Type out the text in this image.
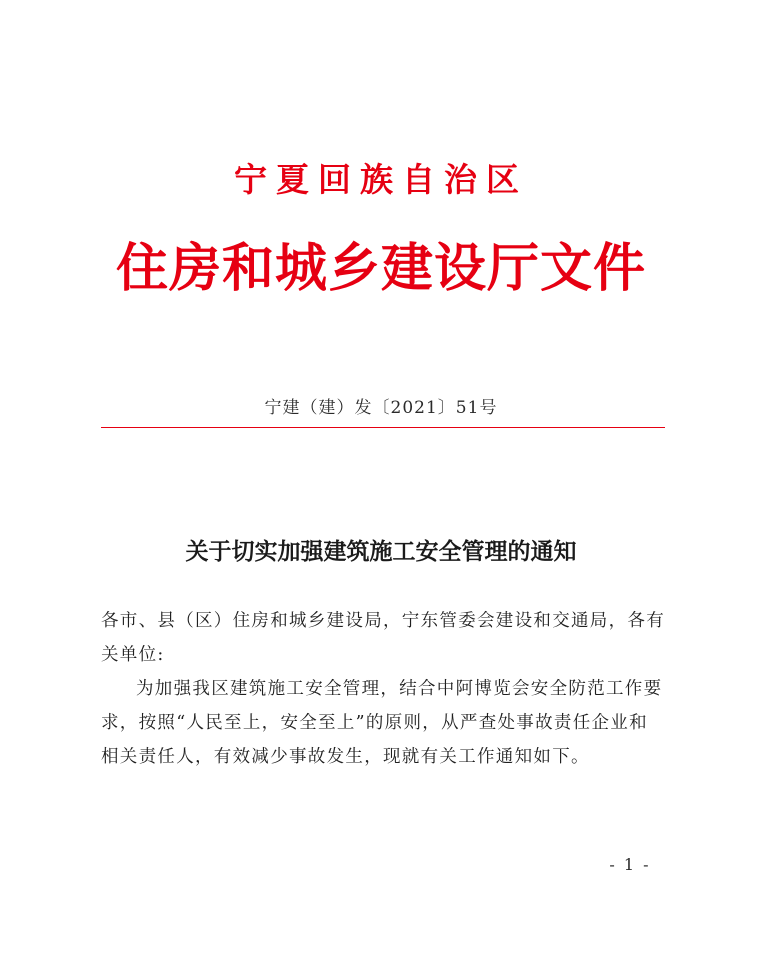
宁夏回族自治区
住房和城乡建设厅文件
宁建（建）发〔2021〕51号
关于切实加强建筑施工安全管理的通知

各市、县（区）住房和城乡建设局，宁东管委会建设和交通局，各有关单位:

为加强我区建筑施工安全管理，结合中阿博览会安全防范工作要求，按照“人民至上，安全至上”的原则，从严查处事故责任企业和相关责任人，有效减少事故发生，现就有关工作通知如下。

- 1 -
